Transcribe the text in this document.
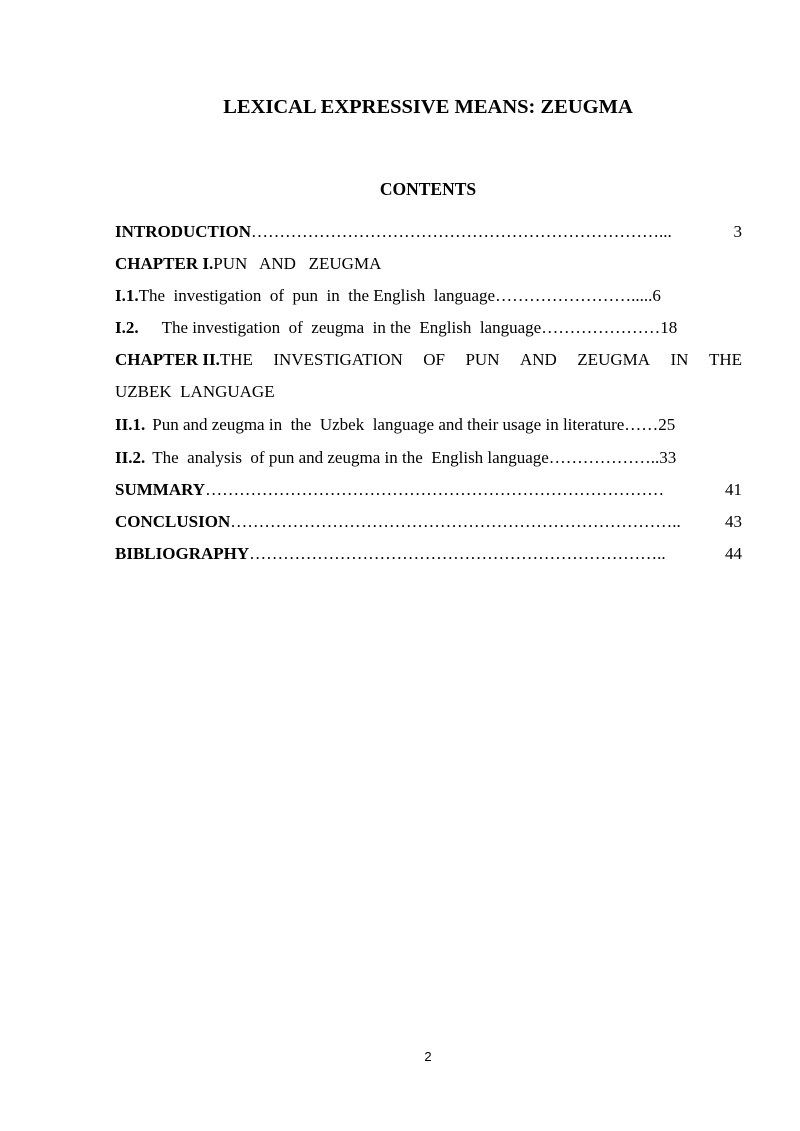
LEXICAL EXPRESSIVE MEANS: ZEUGMA
CONTENTS
INTRODUCTION ………………………………………………………………...	3
CHAPTER I.PUN   AND   ZEUGMA
I.1.The  investigation  of  pun  in  the English  language…………………….....6
I.2. The investigation  of  zeugma  in the  English  language…………………18
CHAPTER II.THE INVESTIGATION OF PUN AND ZEUGMA IN THE
UZBEK  LANGUAGE
II.1. Pun and zeugma in  the  Uzbek  language and their usage in literature……25
II.2. The  analysis  of pun and zeugma in the  English language………………..33
SUMMARY ………………………………………………………………………	41
CONCLUSION ……………………………………………………………………..	43
BIBLIOGRAPHY ………………………………………………………………..	44
2
